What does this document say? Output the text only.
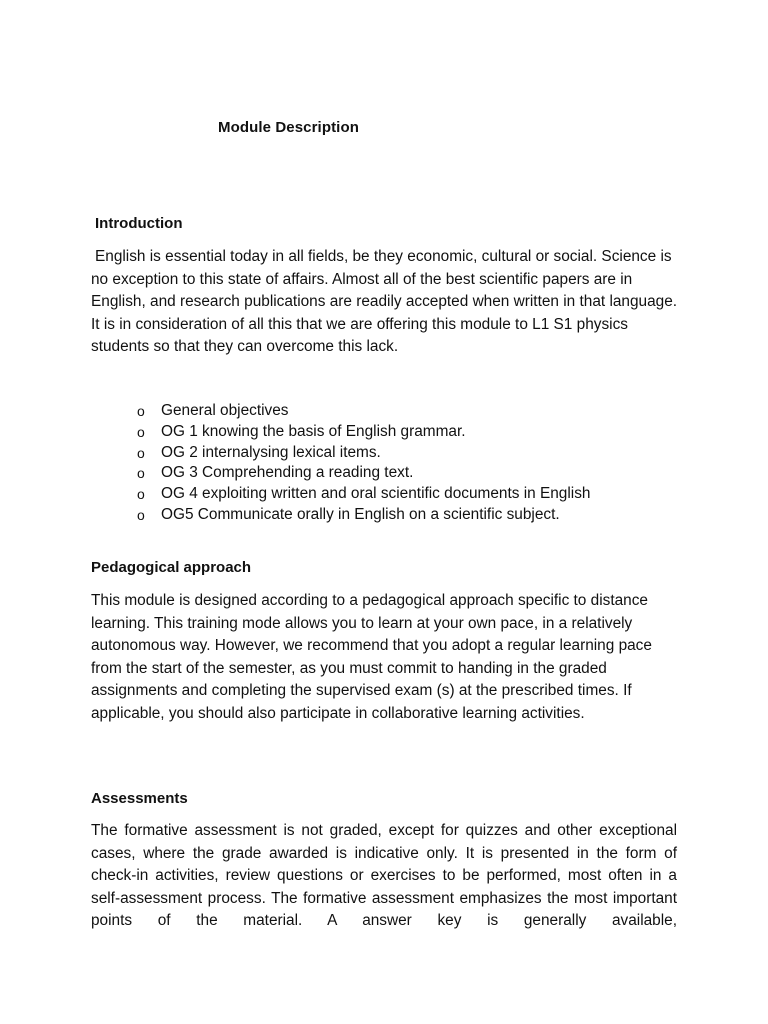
Module Description
Introduction

English is essential today in all fields, be they economic, cultural or social. Science is no exception to this state of affairs. Almost all of the best scientific papers are in English, and research publications are readily accepted when written in that language. It is in consideration of all this that we are offering this module to L1 S1 physics students so that they can overcome this lack.

o General objectives
o OG 1 knowing the basis of English grammar.
o OG 2 internalysing lexical items.
o OG 3 Comprehending a reading text.
o OG 4 exploiting written and oral scientific documents in English
o OG5 Communicate orally in English on a scientific subject.
Pedagogical approach

This module is designed according to a pedagogical approach specific to distance learning. This training mode allows you to learn at your own pace, in a relatively autonomous way. However, we recommend that you adopt a regular learning pace from the start of the semester, as you must commit to handing in the graded assignments and completing the supervised exam (s) at the prescribed times. If applicable, you should also participate in collaborative learning activities.

Assessments

The formative assessment is not graded, except for quizzes and other exceptional cases, where the grade awarded is indicative only. It is presented in the form of check-in activities, review questions or exercises to be performed, most often in a self-assessment process. The formative assessment emphasizes the most important points of the material. A answer key is generally available,
